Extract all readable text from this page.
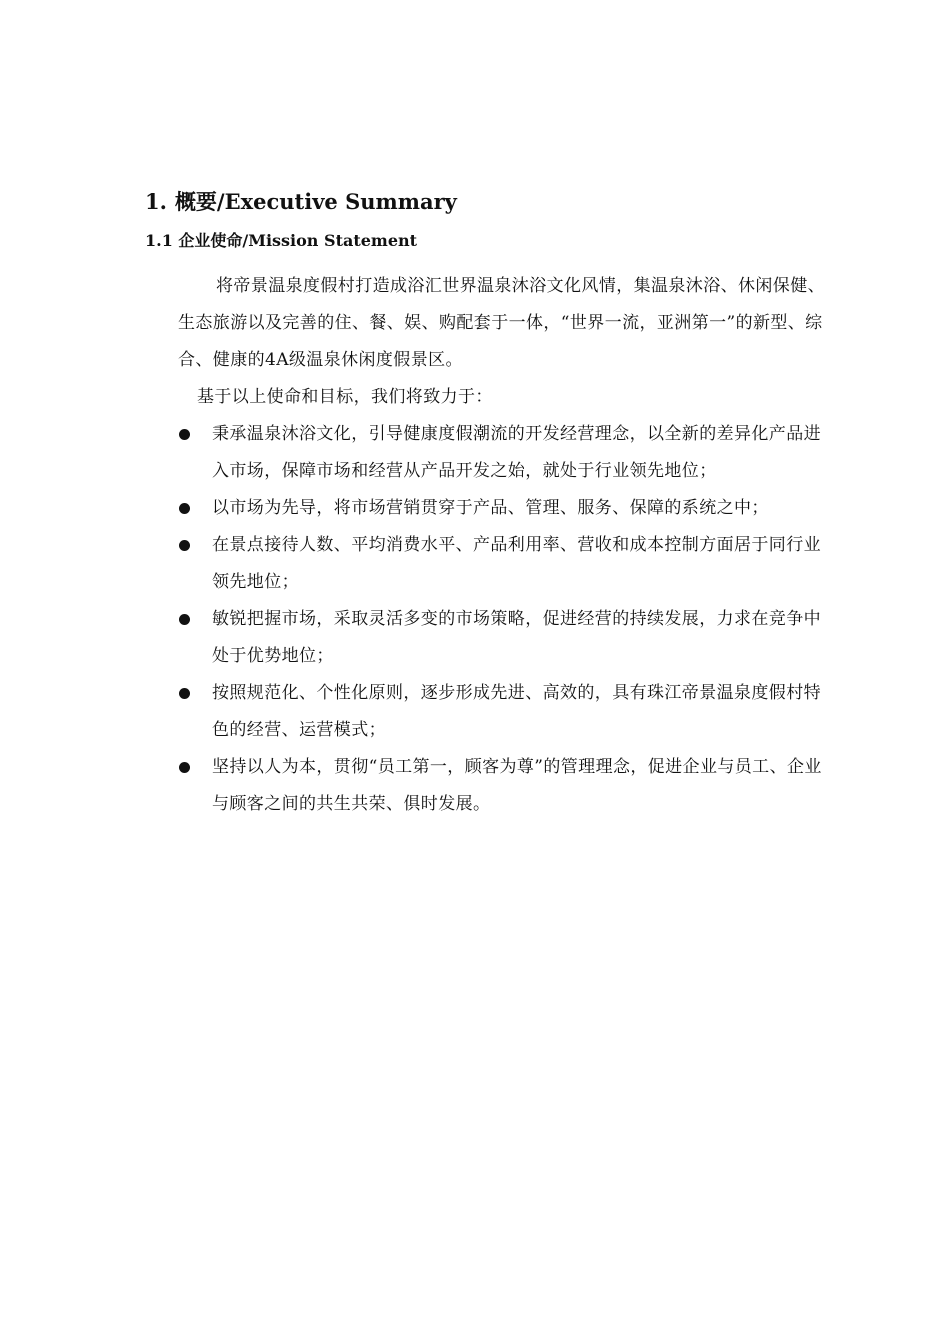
1. 概要/Executive Summary
1.1 企业使命/Mission Statement
将帝景温泉度假村打造成浴汇世界温泉沐浴文化风情，集温泉沐浴、休闲保健、生态旅游以及完善的住、餐、娱、购配套于一体，“世界一流，亚洲第一”的新型、综合、健康的4A级温泉休闲度假景区。
基于以上使命和目标，我们将致力于：
秉承温泉沐浴文化，引导健康度假潮流的开发经营理念，以全新的差异化产品进入市场，保障市场和经营从产品开发之始，就处于行业领先地位；
以市场为先导，将市场营销贯穿于产品、管理、服务、保障的系统之中；
在景点接待人数、平均消费水平、产品利用率、营收和成本控制方面居于同行业领先地位；
敏锐把握市场，采取灵活多变的市场策略，促进经营的持续发展，力求在竞争中处于优势地位；
按照规范化、个性化原则，逐步形成先进、高效的，具有珠江帝景温泉度假村特色的经营、运营模式；
坚持以人为本，贯彻“员工第一，顾客为尊”的管理理念，促进企业与员工、企业与顾客之间的共生共荣、俱时发展。
